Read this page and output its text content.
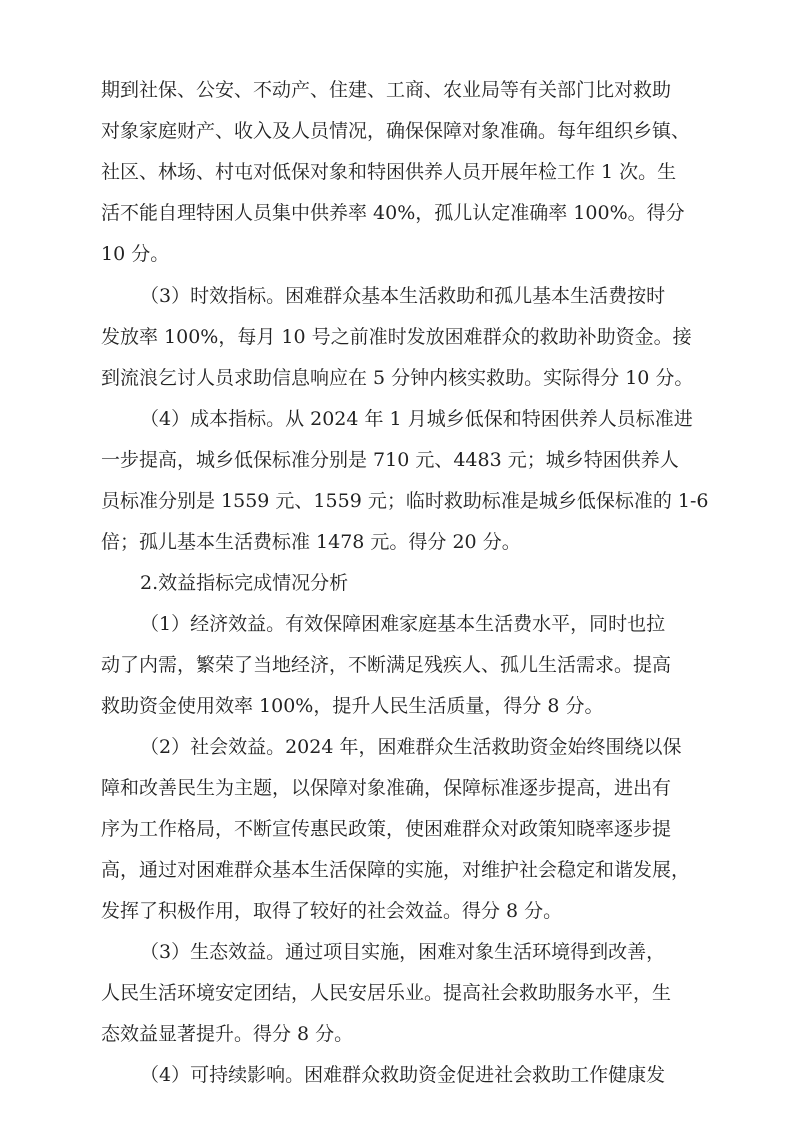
期到社保、公安、不动产、住建、工商、农业局等有关部门比对救助
对象家庭财产、收入及人员情况，确保保障对象准确。每年组织乡镇、
社区、林场、村屯对低保对象和特困供养人员开展年检工作 1 次。生
活不能自理特困人员集中供养率 40%，孤儿认定准确率 100%。得分
10 分。
（3）时效指标。困难群众基本生活救助和孤儿基本生活费按时
发放率 100%，每月 10 号之前准时发放困难群众的救助补助资金。接
到流浪乞讨人员求助信息响应在 5 分钟内核实救助。实际得分 10 分。
（4）成本指标。从 2024 年 1 月城乡低保和特困供养人员标准进
一步提高，城乡低保标准分别是 710 元、4483 元；城乡特困供养人
员标准分别是 1559 元、1559 元；临时救助标准是城乡低保标准的 1-6
倍；孤儿基本生活费标准 1478 元。得分 20 分。
2.效益指标完成情况分析
（1）经济效益。有效保障困难家庭基本生活费水平，同时也拉
动了内需，繁荣了当地经济，不断满足残疾人、孤儿生活需求。提高
救助资金使用效率 100%，提升人民生活质量，得分 8 分。
（2）社会效益。2024 年，困难群众生活救助资金始终围绕以保
障和改善民生为主题，以保障对象准确，保障标准逐步提高，进出有
序为工作格局，不断宣传惠民政策，使困难群众对政策知晓率逐步提
高，通过对困难群众基本生活保障的实施，对维护社会稳定和谐发展，
发挥了积极作用，取得了较好的社会效益。得分 8 分。
（3）生态效益。通过项目实施，困难对象生活环境得到改善，
人民生活环境安定团结，人民安居乐业。提高社会救助服务水平，生
态效益显著提升。得分 8 分。
（4）可持续影响。困难群众救助资金促进社会救助工作健康发
